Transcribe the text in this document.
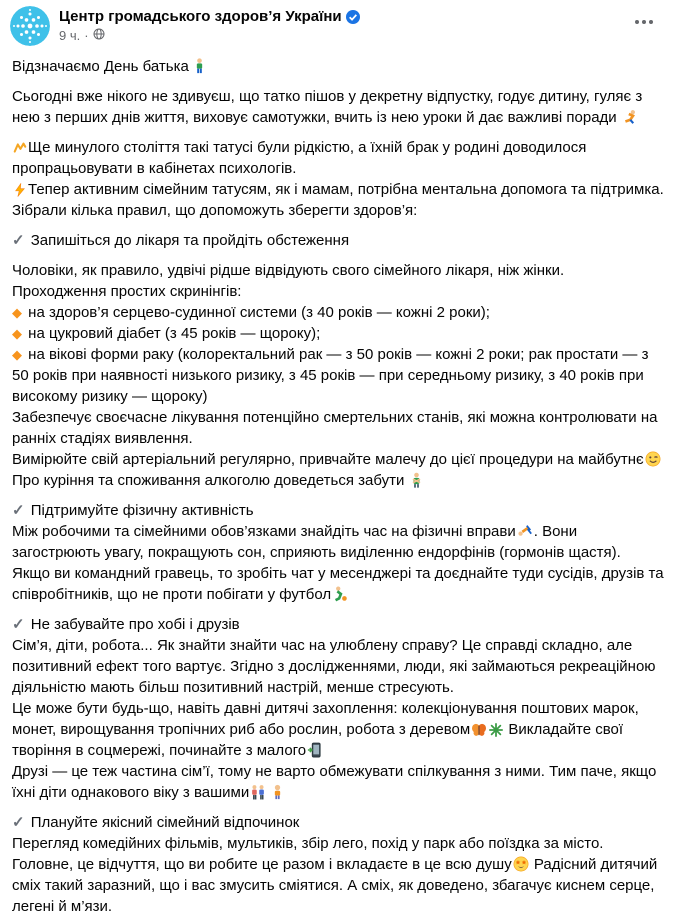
Центр громадського здоров’я України
9 ч. ·
Відзначаємо День батька
Сьогодні вже нікого не здивуєш, що татко пішов у декретну відпустку, годує дитину, гуляє з нею з перших днів життя, виховує самотужки, вчить із нею уроки й дає важливі поради
Ще минулого століття такі татусі були рідкістю, а їхній брак у родині доводилося пропрацьовувати в кабінетах психологів.
Тепер активним сімейним татусям, як і мамам, потрібна ментальна допомога та підтримка.
Зібрали кілька правил, що допоможуть зберегти здоров’я:
✓ Запишіться до лікаря та пройдіть обстеження
Чоловіки, як правило, удвічі рідше відвідують свого сімейного лікаря, ніж жінки.
Проходження простих скринінгів:
◆ на здоров’я серцево-судинної системи (з 40 років — кожні 2 роки);
◆ на цукровий діабет (з 45 років — щороку);
◆ на вікові форми раку (колоректальний рак — з 50 років — кожні 2 роки; рак простати — з 50 років при наявності низького ризику, з 45 років — при середньому ризику, з 40 років при високому ризику — щороку)
Забезпечує своєчасне лікування потенційно смертельних станів, які можна контролювати на ранніх стадіях виявлення.
Вимірюйте свій артеріальний регулярно, привчайте малечу до цієї процедури на майбутнє
Про куріння та споживання алкоголю доведеться забути
✓ Підтримуйте фізичну активність
Між робочими та сімейними обов’язками знайдіть час на фізичні вправи . Вони загострюють увагу, покращують сон, сприяють виділенню ендорфінів (гормонів щастя).
Якщо ви командний гравець, то зробіть чат у месенджері та доєднайте туди сусідів, друзів та співробітників, що не проти побігати у футбол
✓ Не забувайте про хобі і друзів
Сім’я, діти, робота... Як знайти знайти час на улюблену справу? Це справді складно, але позитивний ефект того вартує. Згідно з дослідженнями, люди, які займаються рекреаційною діяльністю мають більш позитивний настрій, менше стресують.
Це може бути будь-що, навіть давні дитячі захоплення: колекціонування поштових марок, монет, вирощування тропічних риб або рослин, робота з деревом Викладайте свої творіння в соцмережі, починайте з малого
Друзі — це теж частина сім’ї, тому не варто обмежувати спілкування з ними. Тим паче, якщо їхні діти однакового віку з вашими
✓ Плануйте якісний сімейний відпочинок
Перегляд комедійних фільмів, мультиків, збір лего, похід у парк або поїздка за місто.
Головне, це відчуття, що ви робите це разом і вкладаєте в це всю душу Радісний дитячий сміх такий заразний, що і вас змусить сміятися. А сміх, як доведено, збагачує киснем серце, легені й м’язи.
